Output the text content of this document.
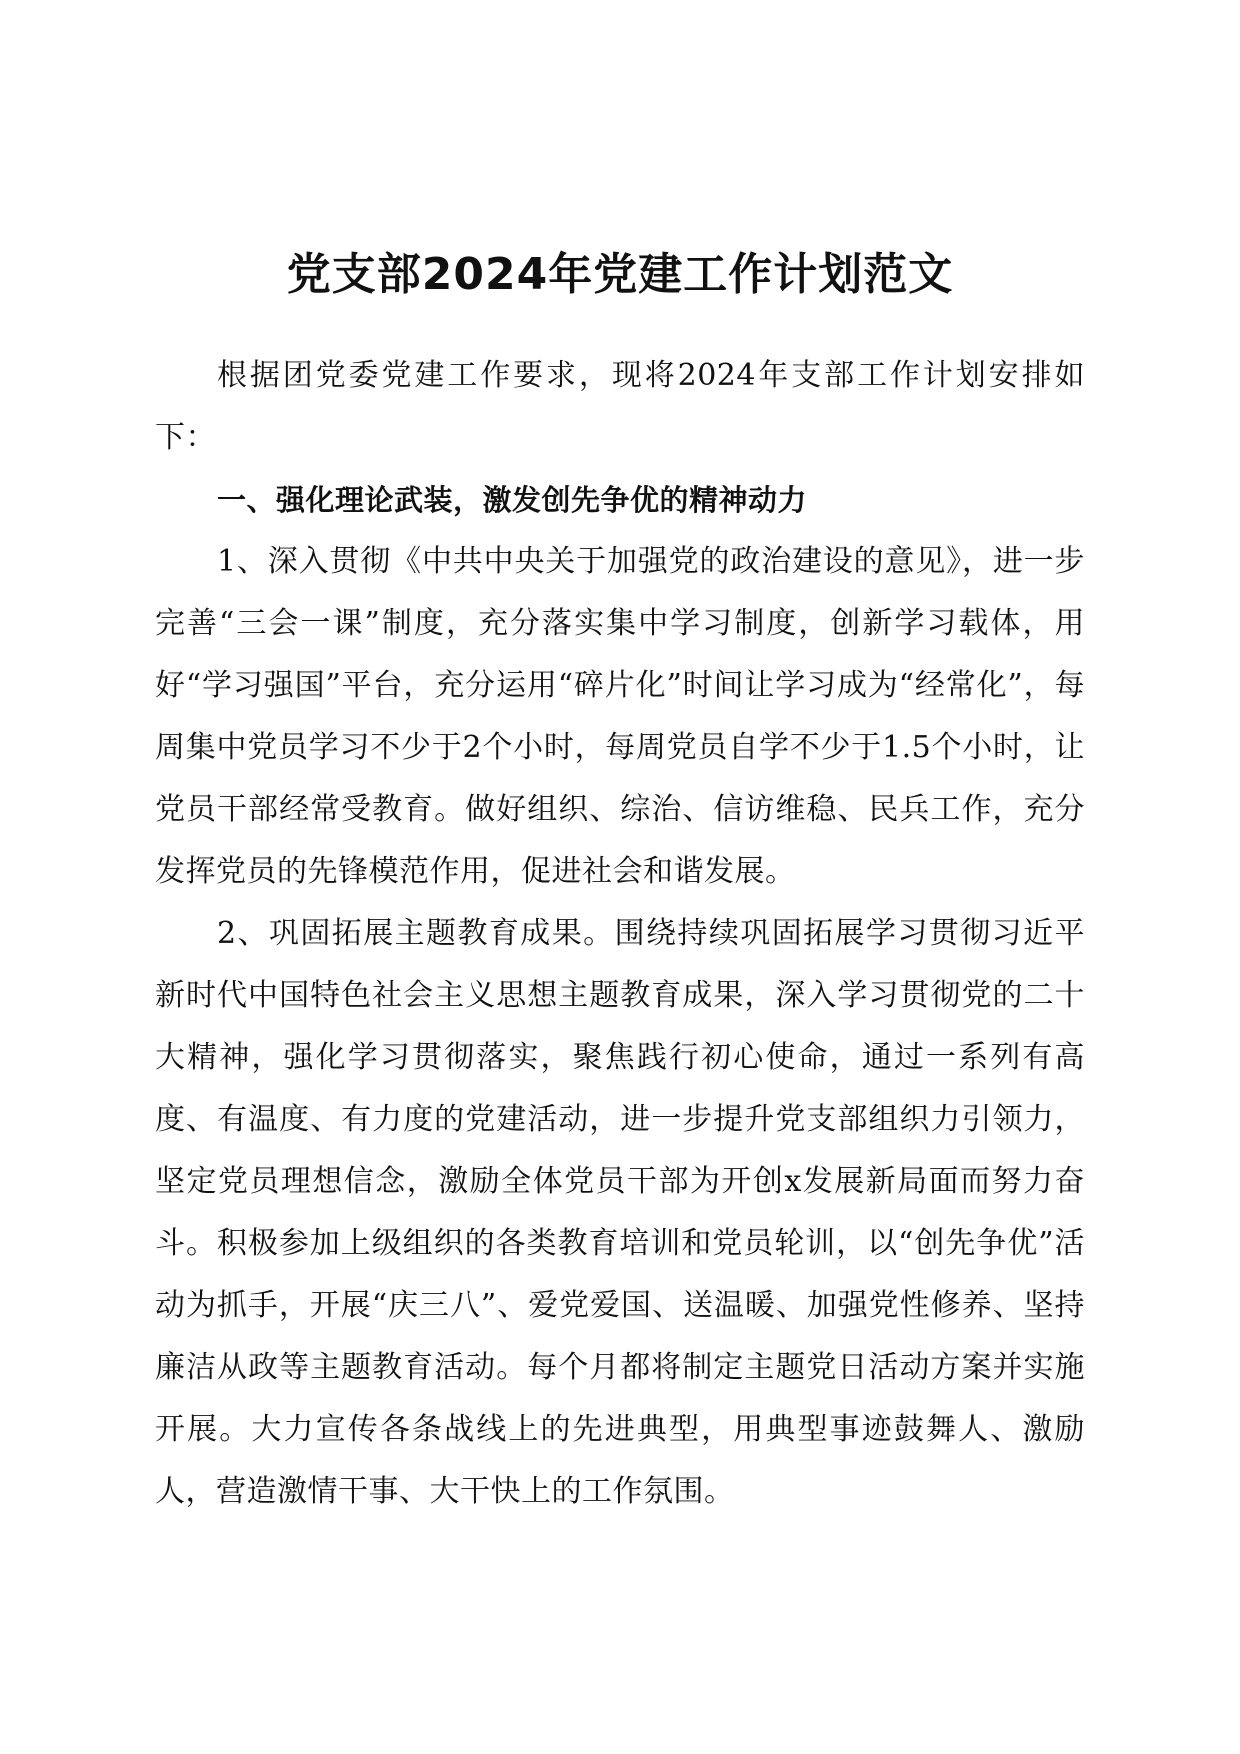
党支部2024年党建工作计划范文

根据团党委党建工作要求，现将2024年支部工作计划安排如下：

一、强化理论武装，激发创先争优的精神动力

1、深入贯彻《中共中央关于加强党的政治建设的意见》，进一步完善“三会一课”制度，充分落实集中学习制度，创新学习载体，用好“学习强国”平台，充分运用“碎片化”时间让学习成为“经常化”，每周集中党员学习不少于2个小时，每周党员自学不少于1.5个小时，让党员干部经常受教育。做好组织、综治、信访维稳、民兵工作，充分发挥党员的先锋模范作用，促进社会和谐发展。

2、巩固拓展主题教育成果。围绕持续巩固拓展学习贯彻习近平新时代中国特色社会主义思想主题教育成果，深入学习贯彻党的二十大精神，强化学习贯彻落实，聚焦践行初心使命，通过一系列有高度、有温度、有力度的党建活动，进一步提升党支部组织力引领力，坚定党员理想信念，激励全体党员干部为开创x发展新局面而努力奋斗。积极参加上级组织的各类教育培训和党员轮训，以“创先争优”活动为抓手，开展“庆三八”、爱党爱国、送温暖、加强党性修养、坚持廉洁从政等主题教育活动。每个月都将制定主题党日活动方案并实施开展。大力宣传各条战线上的先进典型，用典型事迹鼓舞人、激励人，营造激情干事、大干快上的工作氛围。
